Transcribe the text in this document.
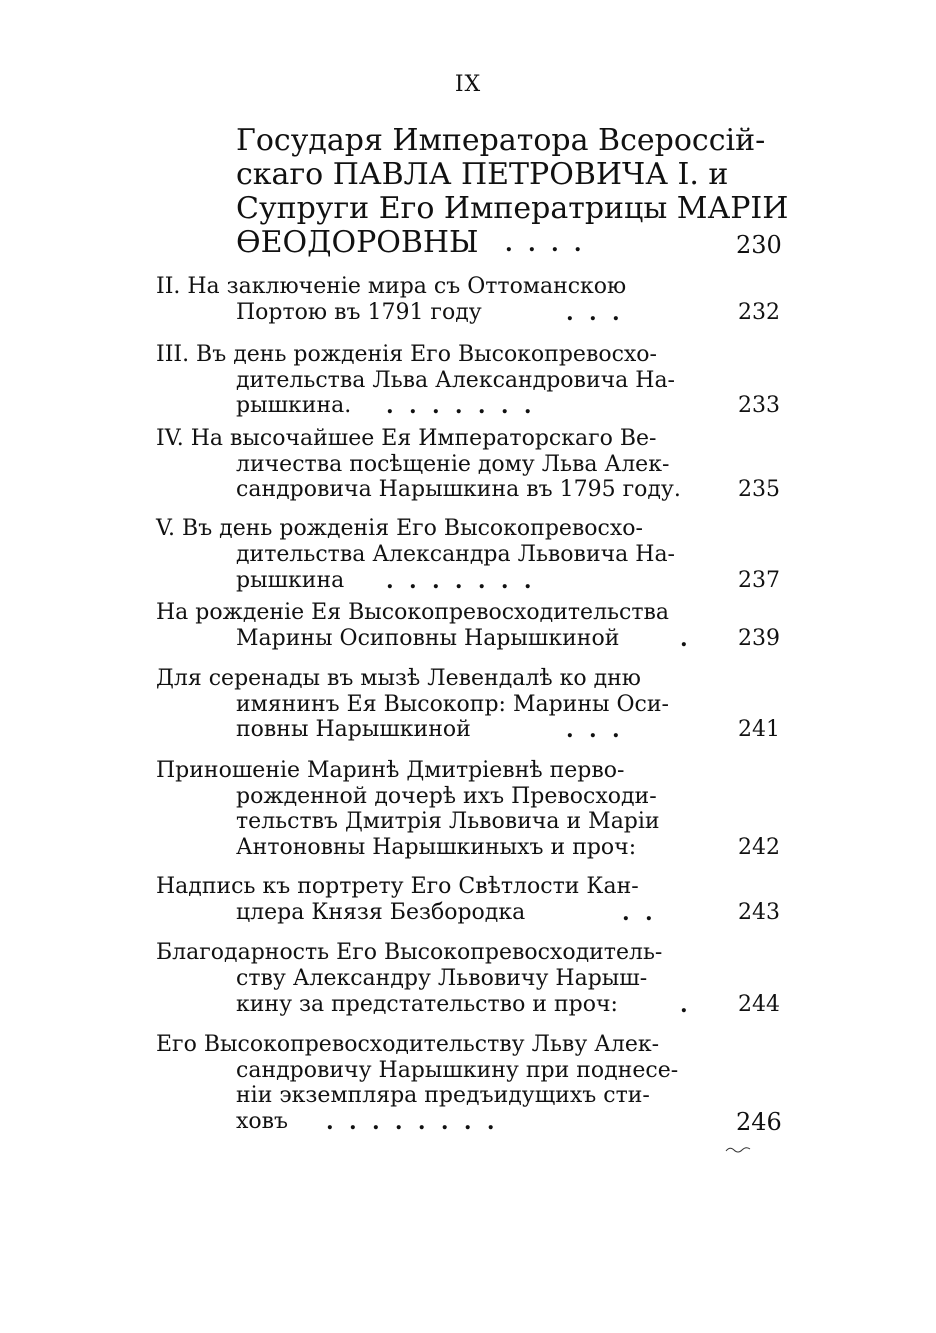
IX
Государя Императора Всероссій-
скаго ПАВЛА ПЕТРОВИЧА I. и
Супруги Его Императрицы МАРІИ
ѲЕОДОРОВНЫ .  .  .  .	230
II. На заключеніе мира съ Оттоманскою
Портою въ 1791 году	.  .  .	232
III. Въ день рожденія Его Высокопревосхо-
дительства Льва Александровича На-
рышкина. .  .  .  .  .  .  .	233
IV. На высочайшее Ея Императорскаго Ве-
личества посѣщеніе дому Льва Алек-
сандровича Нарышкина въ 1795 году.	235
V. Въ день рожденія Его Высокопревосхо-
дительства Александра Львовича На-
рышкина .  .  .  .  .  .  .	237
На рожденіе Ея Высокопревосходительства
Марины Осиповны Нарышкиной	. 239
Для серенады въ мызѣ Левендалѣ ко дню
имянинъ Ея Высокопр: Марины Оси-
повны Нарышкиной	.  .  .	241
Приношеніе Маринѣ Дмитріевнѣ перво-
рожденной дочерѣ ихъ Превосходи-
тельствъ Дмитрія Львовича и Маріи
Антоновны Нарышкиныхъ и проч:	242
Надпись къ портрету Его Свѣтлости Кан-
цлера Князя Безбородка	.  .	243
Благодарность Его Высокопревосходитель-
ству Александру Львовичу Нарыш-
кину за предстательство и проч:	. 244
Его Высокопревосходительству Льву Алек-
сандровичу Нарышкину при поднесе-
ніи экземпляра предъидущихъ сти-
ховъ .  .  .  .  .  .  .  .	246
